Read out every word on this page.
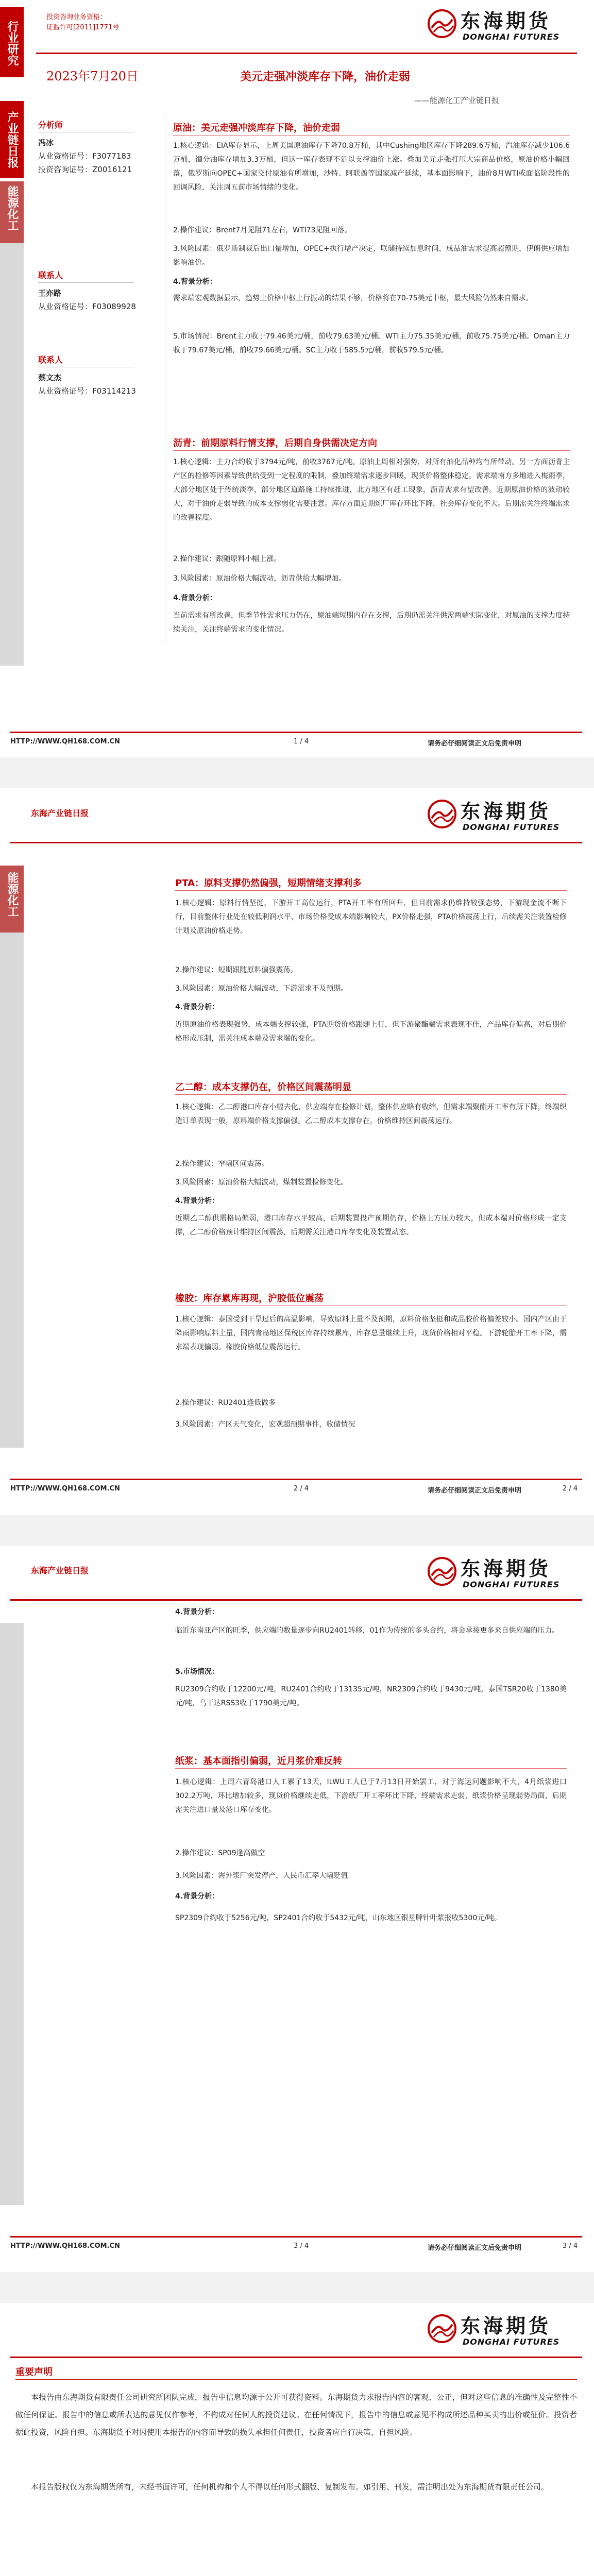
行业研究
产业链日报
能源化工
投资咨询业务资格：
证监许可[2011]1771号	东海期货
DONGHAI FUTURES
2023年7月20日	美元走强冲淡库存下降，油价走弱
——能源化工产业链日报
分析师
冯冰
从业资格证号：F3077183
投资咨询证号：Z0016121
联系人
王亦路
从业资格证号：F03089928
联系人
蔡文杰
从业资格证号：F03114213
原油：美元走强冲淡库存下降，油价走弱
1.核心逻辑：EIA库存显示，上周美国原油库存下降70.8万桶，其中Cushing地区库存下降289.6万桶，汽油库存减少106.6万桶，馏分油库存增加3.3万桶，但这一库存表现不足以支撑油价上涨。叠加美元走强打压大宗商品价格，原油价格小幅回落，俄罗斯向OPEC+国家交付原油有所增加，沙特、阿联酋等国家减产延续，基本面影响下，油价8月WTI或面临阶段性的回调风险，关注周五前市场情绪的变化。
2.操作建议：Brent7月见阻71左右，WTI73见阻回落。
3.风险因素：俄罗斯制裁后出口量增加，OPEC+执行增产决定，联储持续加息时间，成品油需求提高超预期，伊朗供应增加影响油价。
4.背景分析：
需求端宏观数据显示，趋势上价格中枢上行振动的结果不够，价格将在70-75美元中枢，最大风险仍然来自需求。
5.市场情况：Brent主力收于79.46美元/桶，前收79.63美元/桶。WTI主力75.35美元/桶，前收75.75美元/桶。Oman主力收于79.67美元/桶，前收79.66美元/桶。SC主力收于585.5元/桶，前收579.5元/桶。
沥青：前期原料行情支撑，后期自身供需决定方向
1.核心逻辑：主力合约收于3794元/吨，前收3767元/吨。原油上周相对强势，对所有油化品种均有所带动。另一方面沥青主产区的检修等因素导致供给受到一定程度的限制，叠加终端需求逐步回暖，现货价格整体稳定。需求端南方多地进入梅雨季，大部分地区处于传统淡季，部分地区道路施工持续推进，北方地区有赶工现象，沥青需求有望改善。近期原油价格的波动较大，对于油价走弱导致的成本支撑弱化需要注意。库存方面近期炼厂库存环比下降，社会库存变化不大。后期需关注终端需求的改善程度。
2.操作建议：跟随原料小幅上涨。
3.风险因素：原油价格大幅波动，沥青供给大幅增加。
4.背景分析：
当前需求有所改善，但季节性需求压力仍在，原油端短期内存在支撑，后期仍需关注供需两端实际变化，对原油的支撑力度持续关注，关注终端需求的变化情况。
HTTP://WWW.QH168.COM.CN	1 / 4	请务必仔细阅读正文后免责申明
东海产业链日报	东海期货
DONGHAI FUTURES
能源化工	PTA：原料支撑仍然偏强，短期情绪支撑利多
1.核心逻辑：原料行情坚挺，下游开工高位运行，PTA开工率有所回升，但目前需求仍维持较强态势，下游现金流不断下行，目前整体行业处在较低利润水平，市场价格受成本端影响较大，PX价格走强，PTA价格震荡上行，后续需关注装置检修计划及原油价格走势。
2.操作建议：短期跟随原料偏强震荡。
3.风险因素：原油价格大幅波动，下游需求不及预期。
4.背景分析：
近期原油价格表现强势，成本端支撑较强，PTA期货价格跟随上行，但下游聚酯端需求表现不佳，产品库存偏高，对后期价格形成压制，需关注成本端及需求端的变化。
乙二醇：成本支撑仍在，价格区间震荡明显
1.核心逻辑：乙二醇港口库存小幅去化，供应端存在检修计划，整体供应略有收缩，但需求端聚酯开工率有所下降，终端织造订单表现一般，原料端价格支撑偏强。乙二醇成本支撑存在，价格维持区间震荡运行。
2.操作建议：窄幅区间震荡。
3.风险因素：原油价格大幅波动，煤制装置检修变化。
4.背景分析：
近期乙二醇供需格局偏弱，港口库存水平较高，后期装置投产预期仍存，价格上方压力较大，但成本端对价格形成一定支撑，乙二醇价格预计维持区间震荡，后期需关注港口库存变化及装置动态。
橡胶：库存累库再现，沪胶低位震荡
1.核心逻辑：泰国受到干旱过后的高温影响，导致原料上量不及预期，原料价格坚挺和成品胶价格偏差较小。国内产区由于降雨影响原料上量，国内青岛地区保税区库存持续累库，库存总量继续上升，现货价格相对平稳。下游轮胎开工率下降，需求端表现偏弱。橡胶价格低位震荡运行。
2.操作建议：RU2401逢低做多
3.风险因素：产区天气变化，宏观超预期事件，收储情况
HTTP://WWW.QH168.COM.CN	2 / 4	请务必仔细阅读正文后免责申明	2 / 4
东海产业链日报	东海期货
DONGHAI FUTURES
4.背景分析：
临近东南亚产区的旺季，供应端的数量逐步向RU2401转移，01作为传统的多头合约，将会承接更多来自供应端的压力。
5.市场情况：
RU2309合约收于12200元/吨，RU2401合约收于13135元/吨，NR2309合约收于9430元/吨，泰国TSR20收于1380美元/吨，乌干达RSS3收于1790美元/吨。
纸浆：基本面指引偏弱，近月浆价难反转
1.核心逻辑：上周六青岛港口人工累了13天，ILWU工人已于7月13日开始罢工，对于海运问题影响不大，4月纸浆进口302.2万吨，环比增加较多，现货价格继续走低，下游纸厂开工率环比下降，终端需求走弱，纸浆价格呈现弱势局面，后期需关注进口量及港口库存变化。
2.操作建议：SP09逢高做空
3.风险因素：海外浆厂突发停产，人民币汇率大幅贬值
4.背景分析：
SP2309合约收于5256元/吨，SP2401合约收于5432元/吨，山东地区银星牌针叶浆报收5300元/吨。
HTTP://WWW.QH168.COM.CN	3 / 4	请务必仔细阅读正文后免责申明	3 / 4
东海期货
DONGHAI FUTURES
重要声明
本报告由东海期货有限责任公司研究所团队完成，报告中信息均源于公开可获得资料。东海期货力求报告内容的客观、公正，但对这些信息的准确性及完整性不做任何保证。报告中的信息或所表达的意见仅作参考，不构成对任何人的投资建议。在任何情况下，报告中的信息或意见不构成所述品种买卖的出价或征价。投资者据此投资，风险自担。东海期货不对因使用本报告的内容而导致的损失承担任何责任，投资者应自行决策，自担风险。
本报告版权仅为东海期货所有，未经书面许可，任何机构和个人不得以任何形式翻版、复制发布。如引用、刊发，需注明出处为东海期货有限责任公司。
